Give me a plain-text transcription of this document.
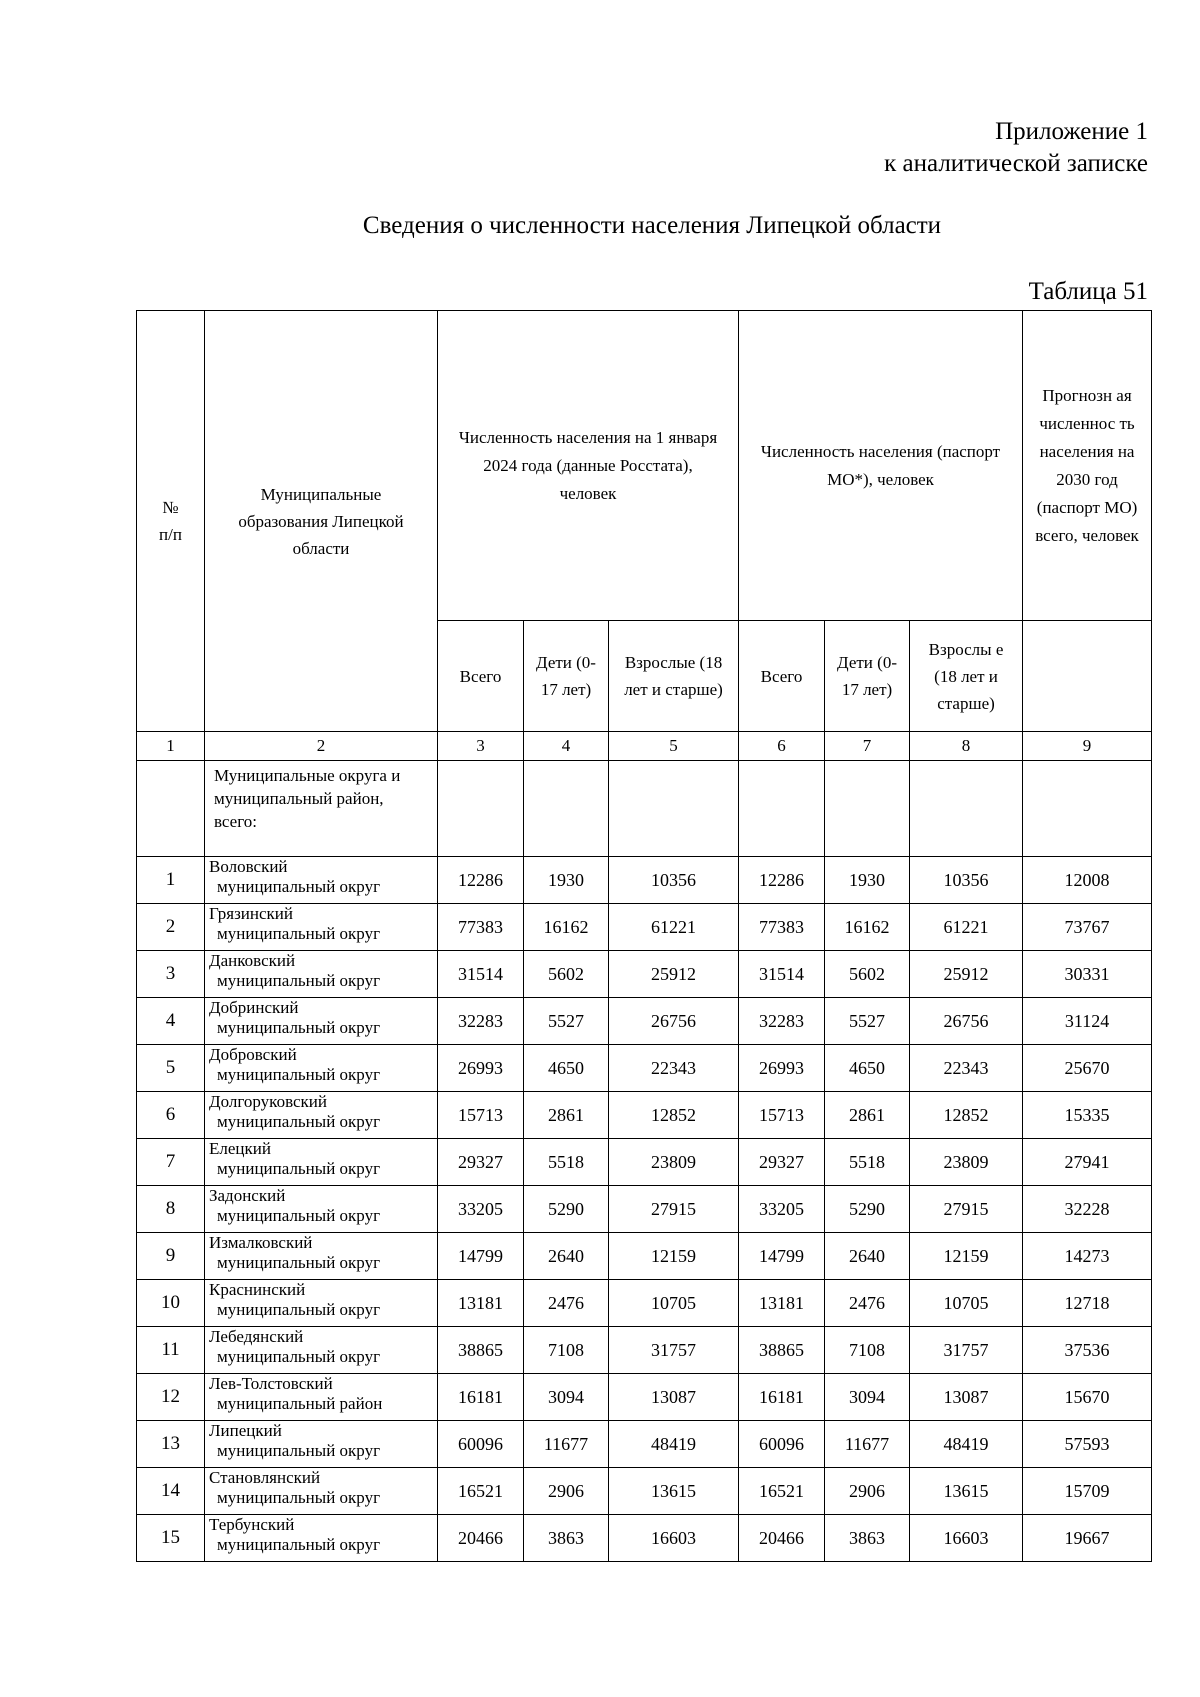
Приложение 1
к аналитической записке
Сведения о численности населения Липецкой области
Таблица 51
№ п/п	Муниципальные образования Липецкой области	Численность населения на 1 января 2024 года (данные Росстата), человек			Численность населения (паспорт МО*), человек			Прогнозн ая численнос ть населения на 2030 год (паспорт МО) всего, человек
		Всего	Дети (0-17 лет)	Взрослые (18 лет и старше)	Всего	Дети (0-17 лет)	Взрослы е (18 лет и старше)	
1	2	3	4	5	6	7	8	9
	Муниципальные округа и муниципальный район, всего:							
1	Воловский
муниципальный округ	12286	1930	10356	12286	1930	10356	12008
2	Грязинский
муниципальный округ	77383	16162	61221	77383	16162	61221	73767
3	Данковский
муниципальный округ	31514	5602	25912	31514	5602	25912	30331
4	Добринский
муниципальный округ	32283	5527	26756	32283	5527	26756	31124
5	Добровский
муниципальный округ	26993	4650	22343	26993	4650	22343	25670
6	Долгоруковский
муниципальный округ	15713	2861	12852	15713	2861	12852	15335
7	Елецкий
муниципальный округ	29327	5518	23809	29327	5518	23809	27941
8	Задонский
муниципальный округ	33205	5290	27915	33205	5290	27915	32228
9	Измалковский
муниципальный округ	14799	2640	12159	14799	2640	12159	14273
10	Краснинский
муниципальный округ	13181	2476	10705	13181	2476	10705	12718
11	Лебедянский
муниципальный округ	38865	7108	31757	38865	7108	31757	37536
12	Лев-Толстовский
муниципальный район	16181	3094	13087	16181	3094	13087	15670
13	Липецкий
муниципальный округ	60096	11677	48419	60096	11677	48419	57593
14	Становлянский
муниципальный округ	16521	2906	13615	16521	2906	13615	15709
15	Тербунский
муниципальный округ	20466	3863	16603	20466	3863	16603	19667
